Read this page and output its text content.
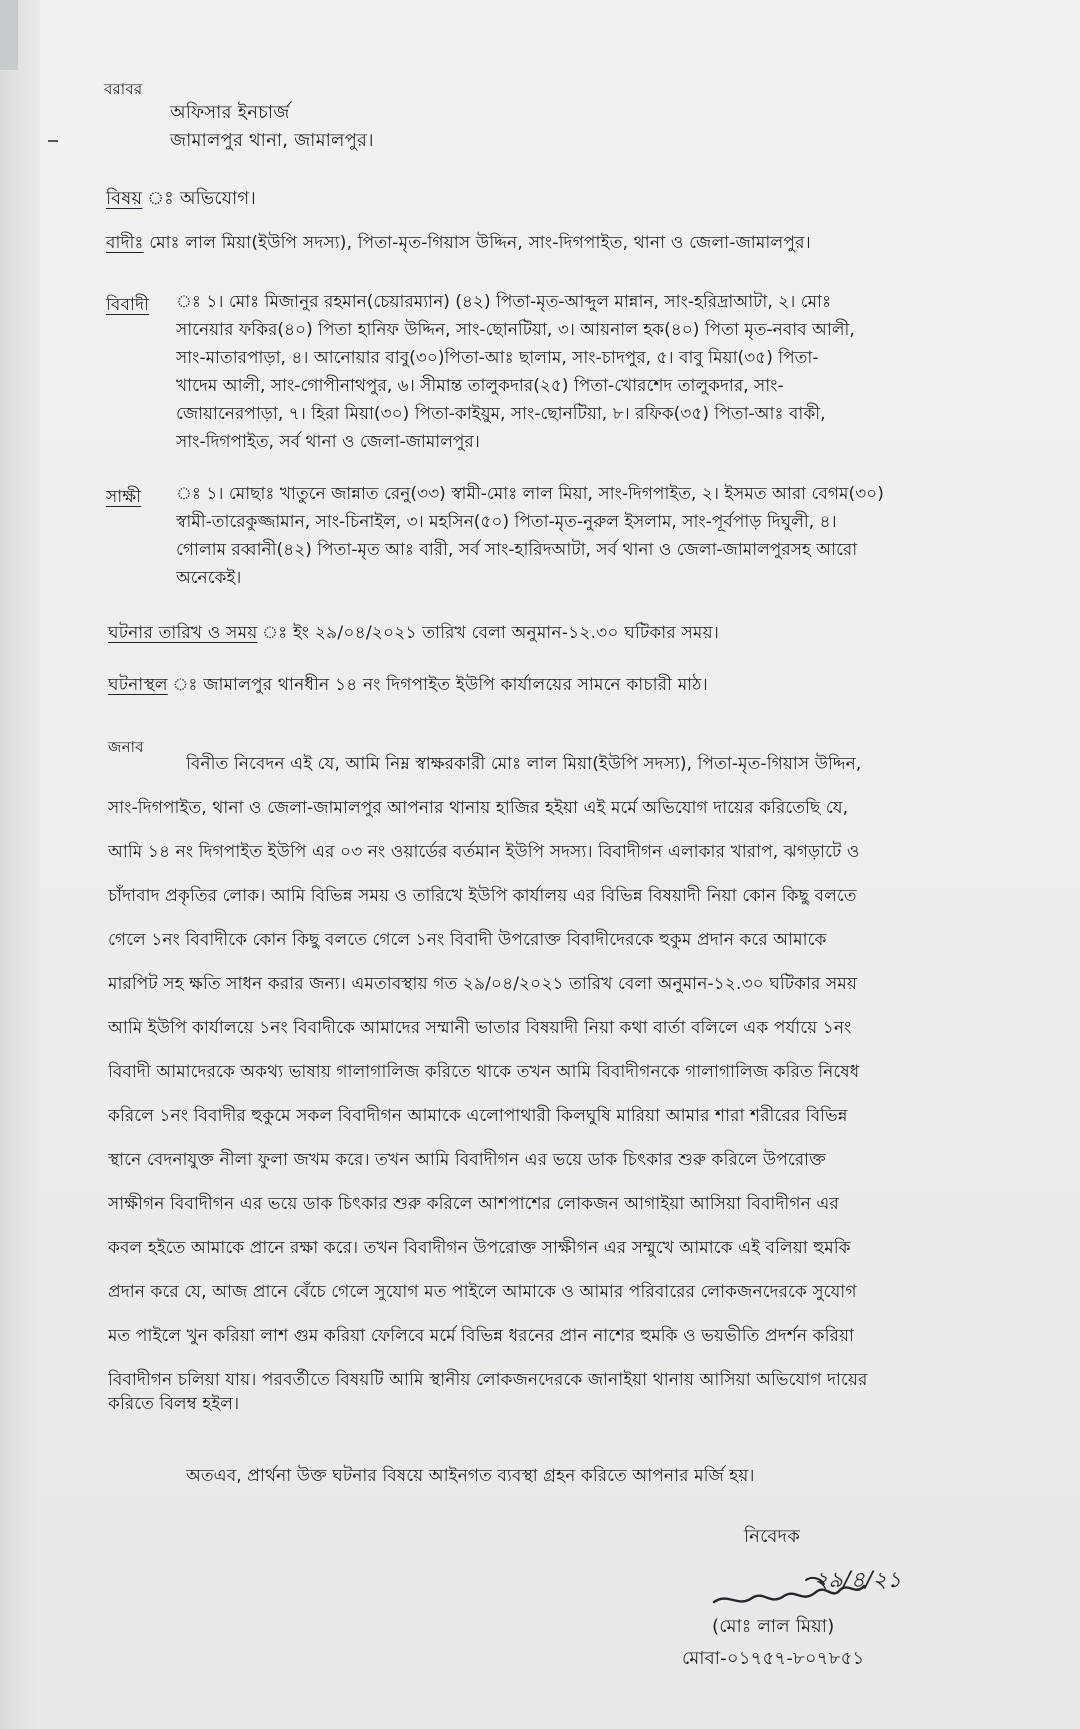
বরাবর
অফিসার ইনচার্জ
জামালপুর থানা, জামালপুর।
বিষয় ঃ অভিযোগ।
বাদীঃ মোঃ লাল মিয়া(ইউপি সদস্য), পিতা-মৃত-গিয়াস উদ্দিন, সাং-দিগপাইত, থানা ও জেলা-জামালপুর।
বিবাদী ঃ ১। মোঃ মিজানুর রহমান(চেয়ারম্যান) (৪২) পিতা-মৃত-আব্দুল মান্নান, সাং-হরিদ্রাআটা, ২। মোঃ
সানেয়ার ফকির(৪০) পিতা হানিফ উদ্দিন, সাং-ছোনটিয়া, ৩। আয়নাল হক(৪০) পিতা মৃত-নবাব আলী,
সাং-মাতারপাড়া, ৪। আনোয়ার বাবু(৩০)পিতা-আঃ ছালাম, সাং-চাদপুর, ৫। বাবু মিয়া(৩৫) পিতা-
খাদেম আলী, সাং-গোপীনাথপুর, ৬। সীমান্ত তালুকদার(২৫) পিতা-খোরশেদ তালুকদার, সাং-
জোয়ানেরপাড়া, ৭। হিরা মিয়া(৩০) পিতা-কাইয়ুম, সাং-ছোনটিয়া, ৮। রফিক(৩৫) পিতা-আঃ বাকী,
সাং-দিগপাইত, সর্ব থানা ও জেলা-জামালপুর।
সাক্ষী ঃ ১। মোছাঃ খাতুনে জান্নাত রেনু(৩৩) স্বামী-মোঃ লাল মিয়া, সাং-দিগপাইত, ২। ইসমত আরা বেগম(৩০)
স্বামী-তারেকুজ্জামান, সাং-চিনাইল, ৩। মহসিন(৫০) পিতা-মৃত-নুরুল ইসলাম, সাং-পূর্বপাড় দিঘুলী, ৪।
গোলাম রব্বানী(৪২) পিতা-মৃত আঃ বারী, সর্ব সাং-হারিদআটা, সর্ব থানা ও জেলা-জামালপুরসহ আরো
অনেকেই।
ঘটনার তারিখ ও সময় ঃ ইং ২৯/০৪/২০২১ তারিখ বেলা অনুমান-১২.৩০ ঘটিকার সময়।
ঘটনাস্থল ঃ জামালপুর থানধীন ১৪ নং দিগপাইত ইউপি কার্যালয়ের সামনে কাচারী মাঠ।
জনাব
বিনীত নিবেদন এই যে, আমি নিম্ন স্বাক্ষরকারী মোঃ লাল মিয়া(ইউপি সদস্য), পিতা-মৃত-গিয়াস উদ্দিন,
সাং-দিগপাইত, থানা ও জেলা-জামালপুর আপনার থানায় হাজির হইয়া এই মর্মে অভিযোগ দায়ের করিতেছি যে,
আমি ১৪ নং দিগপাইত ইউপি এর ০৩ নং ওয়ার্ডের বর্তমান ইউপি সদস্য। বিবাদীগন এলাকার খারাপ, ঝগড়াটে ও
চাঁদাবাদ প্রকৃতির লোক। আমি বিভিন্ন সময় ও তারিখে ইউপি কার্যালয় এর বিভিন্ন বিষয়াদী নিয়া কোন কিছু বলতে
গেলে ১নং বিবাদীকে কোন কিছু বলতে গেলে ১নং বিবাদী উপরোক্ত বিবাদীদেরকে হুকুম প্রদান করে আমাকে
মারপিট সহ ক্ষতি সাধন করার জন্য। এমতাবস্থায় গত ২৯/০৪/২০২১ তারিখ বেলা অনুমান-১২.৩০ ঘটিকার সময়
আমি ইউপি কার্যালয়ে ১নং বিবাদীকে আমাদের সম্মানী ভাতার বিষয়াদী নিয়া কথা বার্তা বলিলে এক পর্যায়ে ১নং
বিবাদী আমাদেরকে অকথ্য ভাষায় গালাগালিজ করিতে থাকে তখন আমি বিবাদীগনকে গালাগালিজ করিত নিষেধ
করিলে ১নং বিবাদীর হুকুমে সকল বিবাদীগন আমাকে এলোপাথারী কিলঘুষি মারিয়া আমার শারা শরীরের বিভিন্ন
স্থানে বেদনাযুক্ত নীলা ফুলা জখম করে। তখন আমি বিবাদীগন এর ভয়ে ডাক চিৎকার শুরু করিলে উপরোক্ত
সাক্ষীগন বিবাদীগন এর ভয়ে ডাক চিৎকার শুরু করিলে আশপাশের লোকজন আগাইয়া আসিয়া বিবাদীগন এর
কবল হইতে আমাকে প্রানে রক্ষা করে। তখন বিবাদীগন উপরোক্ত সাক্ষীগন এর সম্মুখে আমাকে এই বলিয়া হুমকি
প্রদান করে যে, আজ প্রানে বেঁচে গেলে সুযোগ মত পাইলে আমাকে ও আমার পরিবারের লোকজনদেরকে সুযোগ
মত পাইলে খুন করিয়া লাশ গুম করিয়া ফেলিবে মর্মে বিভিন্ন ধরনের প্রান নাশের হুমকি ও ভয়ভীতি প্রদর্শন করিয়া
বিবাদীগন চলিয়া যায়। পরবর্তীতে বিষয়টি আমি স্থানীয় লোকজনদেরকে জানাইয়া থানায় আসিয়া অভিযোগ দায়ের
করিতে বিলম্ব হইল।
অতএব, প্রার্থনা উক্ত ঘটনার বিষয়ে আইনগত ব্যবস্থা গ্রহন করিতে আপনার মর্জি হয়।
নিবেদক
২৯/৪/২১
(মোঃ লাল মিয়া)
মোবা-০১৭৫৭-৮০৭৮৫১
